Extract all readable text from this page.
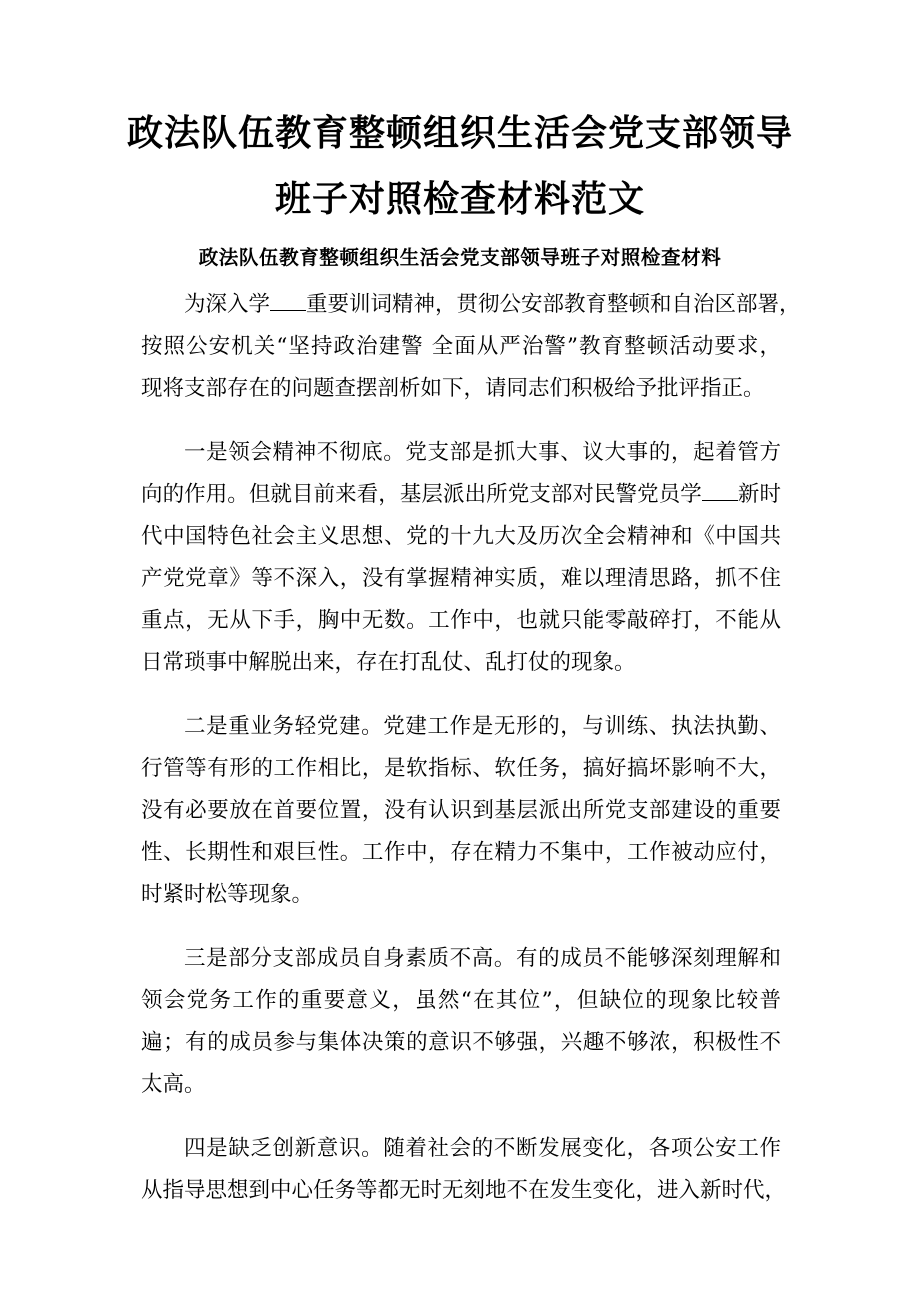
政法队伍教育整顿组织生活会党支部领导
班子对照检查材料范文
政法队伍教育整顿组织生活会党支部领导班子对照检查材料
为深入学 重要训词精神，贯彻公安部教育整顿和自治区部署，
按照公安机关“坚持政治建警 全面从严治警”教育整顿活动要求，
现将支部存在的问题查摆剖析如下，请同志们积极给予批评指正。
一是领会精神不彻底。党支部是抓大事、议大事的，起着管方
向的作用。但就目前来看，基层派出所党支部对民警党员学 新时
代中国特色社会主义思想、党的十九大及历次全会精神和《中国共
产党党章》等不深入，没有掌握精神实质，难以理清思路，抓不住
重点，无从下手，胸中无数。工作中，也就只能零敲碎打，不能从
日常琐事中解脱出来，存在打乱仗、乱打仗的现象。
二是重业务轻党建。党建工作是无形的，与训练、执法执勤、
行管等有形的工作相比，是软指标、软任务，搞好搞坏影响不大，
没有必要放在首要位置，没有认识到基层派出所党支部建设的重要
性、长期性和艰巨性。工作中，存在精力不集中，工作被动应付，
时紧时松等现象。
三是部分支部成员自身素质不高。有的成员不能够深刻理解和
领会党务工作的重要意义，虽然“在其位”，但缺位的现象比较普
遍；有的成员参与集体决策的意识不够强，兴趣不够浓，积极性不
太高。
四是缺乏创新意识。随着社会的不断发展变化，各项公安工作
从指导思想到中心任务等都无时无刻地不在发生变化，进入新时代，
